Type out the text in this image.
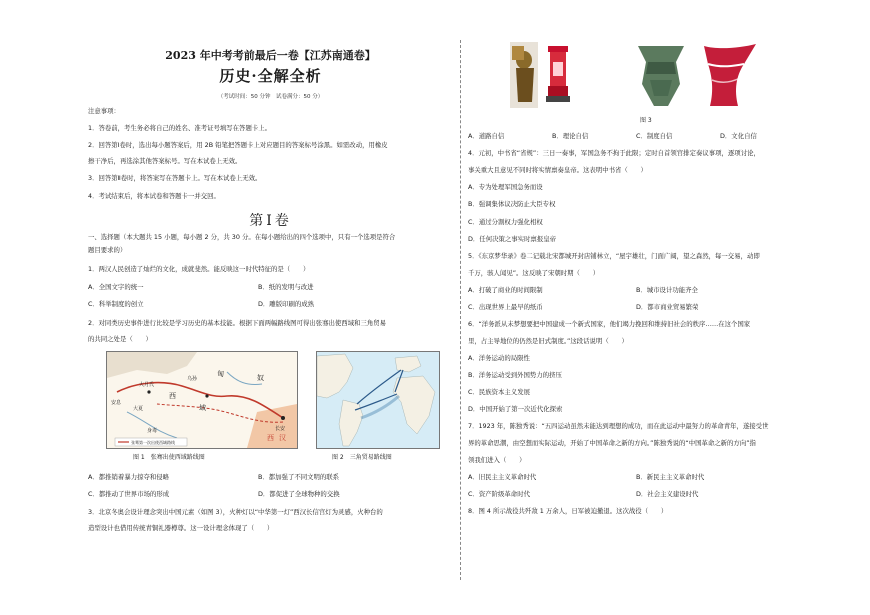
2023 年中考考前最后一卷【江苏南通卷】
历史·全解全析
（考试时间：50 分钟　试卷满分：50 分）
注意事项：
1．答卷前，考生务必将自己的姓名、准考证号填写在答题卡上。
2．回答第Ⅰ卷时，选出每小题答案后，用 2B 铅笔把答题卡上对应题目的答案标号涂黑。如需改动，用橡皮
擦干净后，再选涂其他答案标号。写在本试卷上无效。
3．回答第Ⅱ卷时，将答案写在答题卡上。写在本试卷上无效。
4．考试结束后，将本试卷和答题卡一并交回。
第Ⅰ卷
一、选择题（本大题共 15 小题，每小题 2 分，共 30 分。在每小题给出的四个选项中，只有一个选项是符合
题目要求的）
1．两汉人民创造了灿烂的文化，成就斐然。能反映这一时代特征的是（　　）
A．全国文字的统一	B．纸的发明与改进
C．科举制度的创立	D．雕版印刷的成熟
2．对同类历史事件进行比较是学习历史的基本技能。根据下面两幅路线图可得出张骞出使西域和三角贸易
的共同之处是（　　）
匈	奴
乌孙
大月氏
西
域
安息
大夏
身毒	长安
西 汉
张骞第一次出使西域路线
图 1　张骞出使西域路线图	图 2　三角贸易路线图
A．都推销着暴力掠夺和侵略	B．都加强了不同文明的联系
C．都推动了世界市场的形成	D．都促进了全球物种的交换
3．北京冬奥会设计理念突出中国元素（如图 3），火种灯以“中华第一灯”西汉长信宫灯为灵感，火种台的
造型设计也借用传统青铜礼器樽尊。这一设计理念体现了（　　）
图 3
A．道路自信	B．理论自信	C．制度自信	D．文化自信
4．元初，中书省“省规”：三日一奏事，军国急务不拘于此限；定时自首领官排定奏议事项，逐项讨论，
事关重大且意见不同时将实情禀奏皇帝。这表明中书省（　　）
A．专为处理军国急务而设
B．强调集体议决防止大臣专权
C．通过分割权力强化相权
D．任何决策之事实时禀报皇帝
5．《东京梦华录》卷二记载北宋都城开封店铺林立，“屋宇雄壮，门面广阔，望之森然，每一交易，动即
千万，骇人闻见”。这反映了宋朝时期（　　）
A．打破了商业的时间限制	B．城市设计功能齐全
C．出现世界上最早的纸币	D．都市商业贸易繁荣
6．“洋务派从未梦想要把中国建成一个新式国家，他们竭力挽回和维持旧社会的秩序……在这个国家
里，占主导地位的仍然是旧式制度。”这段话说明（　　）
A．洋务运动的局限性
B．洋务运动受到外国势力的挤压
C．民族资本主义发展
D．中国开始了第一次近代化探索
7．1923 年，陈独秀说：“五四运动虽然未能达到理想的成功，而在此运动中最努力的革命青年，遂接受世
界的革命思潮，由空想而实际运动，开始了中国革命之新的方向。”陈独秀说的“中国革命之新的方向”指
领我们进入（　　）
A．旧民主主义革命时代	B．新民主主义革命时代
C．资产阶级革命时代	D．社会主义建设时代
8．图 4 所示战役共歼敌 1 万余人，日军被迫撤退。这次战役（　　）
